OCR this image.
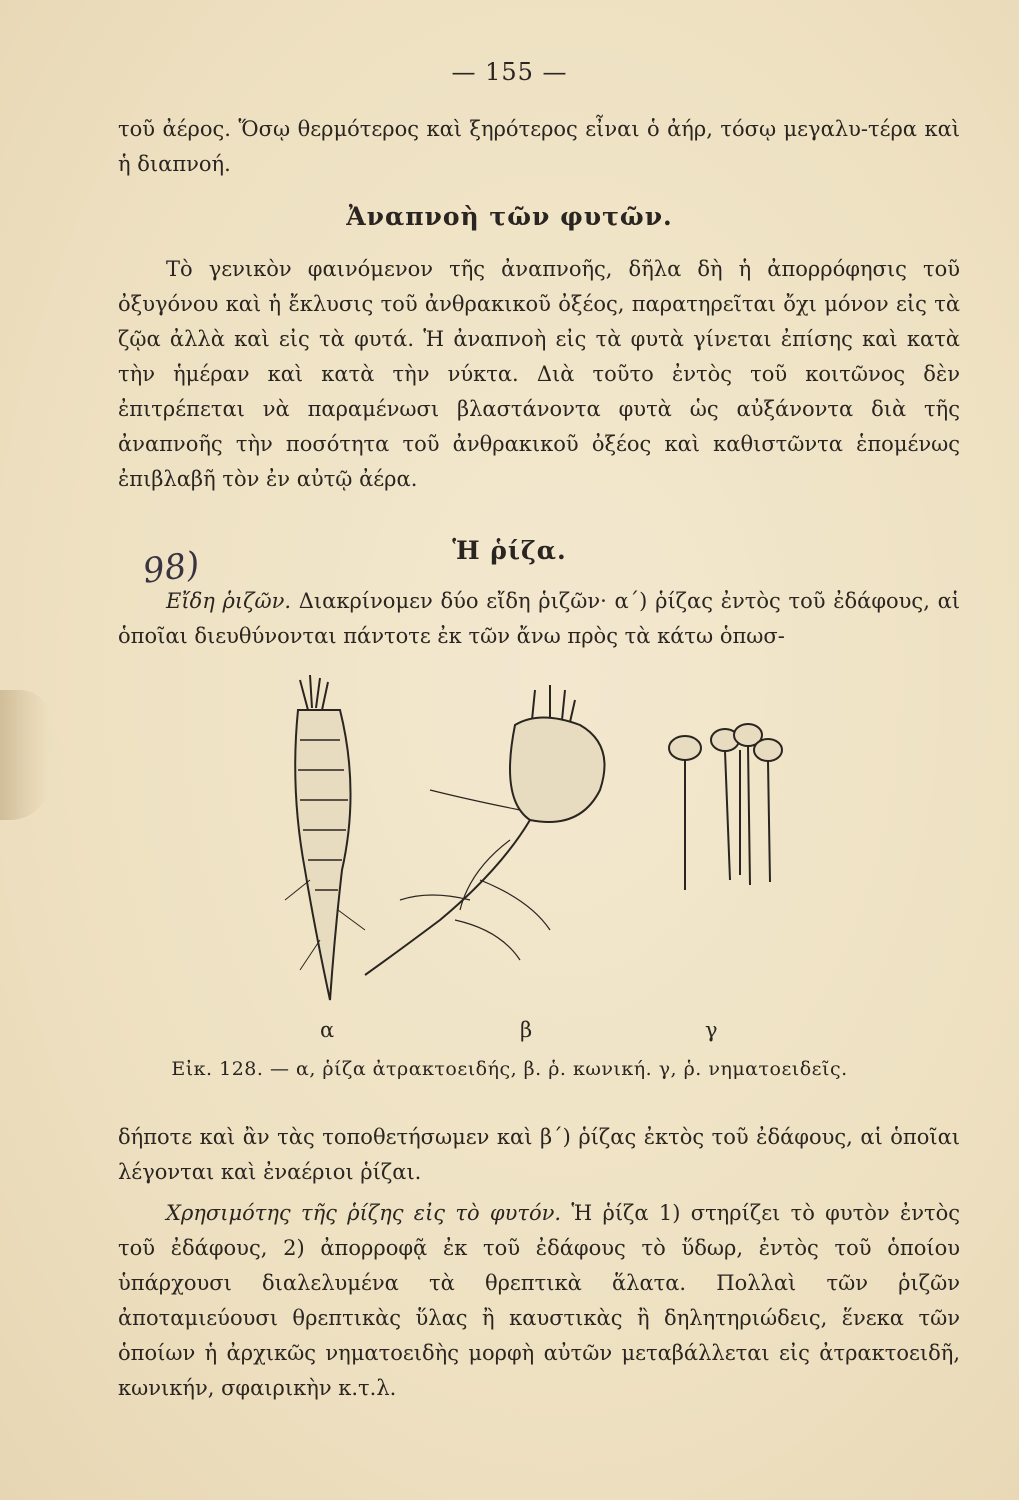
— 155 —

τοῦ ἀέρος. Ὅσῳ θερμότερος καὶ ξηρότερος εἶναι ὁ ἀήρ, τόσῳ μεγαλυ-τέρα καὶ ἡ διαπνοή.

Ἀναπνοὴ τῶν φυτῶν.

Τὸ γενικὸν φαινόμενον τῆς ἀναπνοῆς, δῆλα δὴ ἡ ἀπορρόφησις τοῦ ὀξυγόνου καὶ ἡ ἔκλυσις τοῦ ἀνθρακικοῦ ὀξέος, παρατηρεῖται ὄχι μόνον εἰς τὰ ζῷα ἀλλὰ καὶ εἰς τὰ φυτά. Ἡ ἀναπνοὴ εἰς τὰ φυτὰ γίνεται ἐπίσης καὶ κατὰ τὴν ἡμέραν καὶ κατὰ τὴν νύκτα. Διὰ τοῦτο ἐντὸς τοῦ κοιτῶνος δὲν ἐπιτρέπεται νὰ παραμένωσι βλαστάνοντα φυτὰ ὡς αὐξάνοντα διὰ τῆς ἀναπνοῆς τὴν ποσότητα τοῦ ἀνθρακικοῦ ὀξέος καὶ καθιστῶντα ἑπομένως ἐπιβλαβῆ τὸν ἐν αὐτῷ ἀέρα.

Ἡ ῥίζα.
98)

Εἴδη ῥιζῶν. Διακρίνομεν δύο εἴδη ῥιζῶν· α΄) ῥίζας ἐντὸς τοῦ ἐδάφους, αἱ ὁποῖαι διευθύνονται πάντοτε ἐκ τῶν ἄνω πρὸς τὰ κάτω ὁπωσ-

α	β	γ
Εἰκ. 128. — α, ῥίζα ἀτρακτοειδής, β. ῥ. κωνική. γ, ῥ. νηματοειδεῖς.

δήποτε καὶ ἂν τὰς τοποθετήσωμεν καὶ β΄) ῥίζας ἐκτὸς τοῦ ἐδάφους, αἱ ὁποῖαι λέγονται καὶ ἐναέριοι ῥίζαι.

Χρησιμότης τῆς ῥίζης εἰς τὸ φυτόν. Ἡ ῥίζα 1) στηρίζει τὸ φυτὸν ἐντὸς τοῦ ἐδάφους, 2) ἀπορροφᾷ ἐκ τοῦ ἐδάφους τὸ ὕδωρ, ἐντὸς τοῦ ὁποίου ὑπάρχουσι διαλελυμένα τὰ θρεπτικὰ ἅλατα. Πολλαὶ τῶν ῥιζῶν ἀποταμιεύουσι θρεπτικὰς ὕλας ἢ καυστικὰς ἢ δηλητηριώδεις, ἕνεκα τῶν ὁποίων ἡ ἀρχικῶς νηματοειδὴς μορφὴ αὐτῶν μεταβάλλεται εἰς ἀτρακτοειδῆ, κωνικήν, σφαιρικὴν κ.τ.λ.
